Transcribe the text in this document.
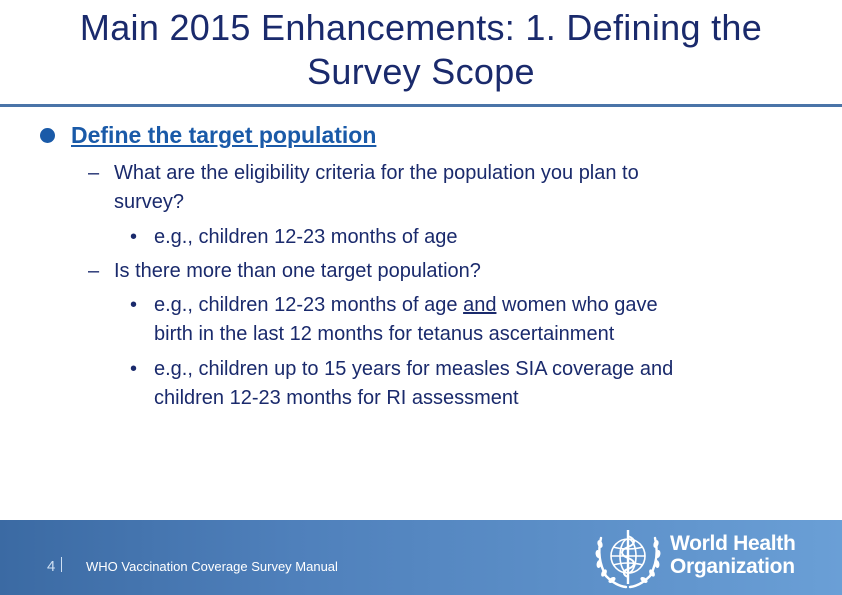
Main 2015 Enhancements: 1. Defining the
Survey Scope
Define the target population
– What are the eligibility criteria for the population you plan to
survey?
• e.g., children 12-23 months of age
– Is there more than one target population?
• e.g., children 12-23 months of age and women who gave
birth in the last 12 months for tetanus ascertainment
• e.g., children up to 15 years for measles SIA coverage and
children 12-23 months for RI assessment
4 WHO Vaccination Coverage Survey Manual
World Health
Organization
